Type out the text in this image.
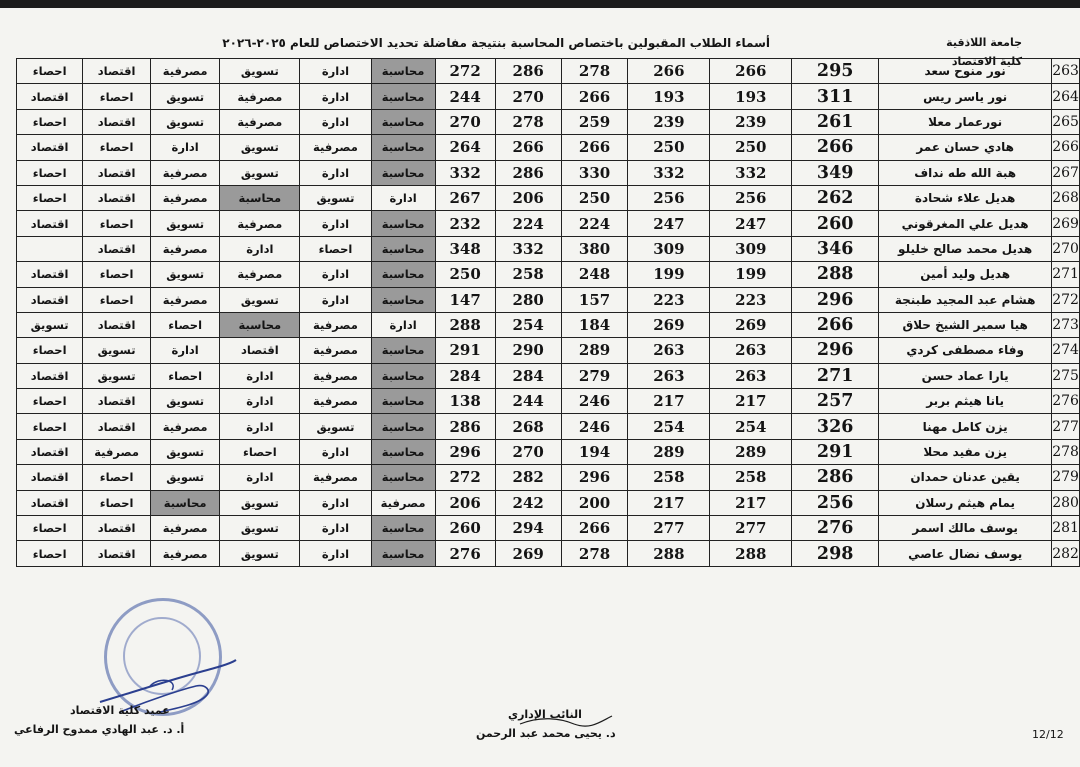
أسماء الطلاب المقبولين باختصاص المحاسبة بنتيجة مفاضلة تحديد الاختصاص للعام ٢٠٢٥-٢٠٢٦	جامعة اللاذقية
كلية الاقتصاد
احصاء	اقتصاد	مصرفية	تسويق	ادارة	محاسبة	272	286	278	266	266	295	نور منوح سعد	263
اقتصاد	احصاء	تسويق	مصرفية	ادارة	محاسبة	244	270	266	193	193	311	نور ياسر ريس	264
احصاء	اقتصاد	تسويق	مصرفية	ادارة	محاسبة	270	278	259	239	239	261	نورعمار معلا	265
اقتصاد	احصاء	ادارة	تسويق	مصرفية	محاسبة	264	266	266	250	250	266	هادي حسان عمر	266
احصاء	اقتصاد	مصرفية	تسويق	ادارة	محاسبة	332	286	330	332	332	349	هبة الله طه نداف	267
احصاء	اقتصاد	مصرفية	محاسبة	تسويق	ادارة	267	206	250	256	256	262	هديل علاء شحادة	268
اقتصاد	احصاء	تسويق	مصرفية	ادارة	محاسبة	232	224	224	247	247	260	هديل علي المغرقوني	269
	اقتصاد	مصرفية	ادارة	احصاء	محاسبة	348	332	380	309	309	346	هديل محمد صالح خليلو	270
اقتصاد	احصاء	تسويق	مصرفية	ادارة	محاسبة	250	258	248	199	199	288	هديل وليد أمين	271
اقتصاد	احصاء	مصرفية	تسويق	ادارة	محاسبة	147	280	157	223	223	296	هشام عبد المجيد طبنجة	272
تسويق	اقتصاد	احصاء	محاسبة	مصرفية	ادارة	288	254	184	269	269	266	هيا سمير الشيخ حلاق	273
احصاء	تسويق	ادارة	اقتصاد	مصرفية	محاسبة	291	290	289	263	263	296	وفاء مصطفى كردي	274
اقتصاد	تسويق	احصاء	ادارة	مصرفية	محاسبة	284	284	279	263	263	271	يارا عماد حسن	275
احصاء	اقتصاد	تسويق	ادارة	مصرفية	محاسبة	138	244	246	217	217	257	يانا هيثم بربر	276
احصاء	اقتصاد	مصرفية	ادارة	تسويق	محاسبة	286	268	246	254	254	326	يزن كامل مهنا	277
اقتصاد	مصرفية	تسويق	احصاء	ادارة	محاسبة	296	270	194	289	289	291	يزن مفيد محلا	278
اقتصاد	احصاء	تسويق	ادارة	مصرفية	محاسبة	272	282	296	258	258	286	يقين عدنان حمدان	279
اقتصاد	احصاء	محاسبة	تسويق	ادارة	مصرفية	206	242	200	217	217	256	يمام هيثم رسلان	280
احصاء	اقتصاد	مصرفية	تسويق	ادارة	محاسبة	260	294	266	277	277	276	يوسف مالك اسمر	281
احصاء	اقتصاد	مصرفية	تسويق	ادارة	محاسبة	276	269	278	288	288	298	يوسف نضال عاصي	282
عميد كلية الاقتصاد
أ. د. عبد الهادي ممدوح الرفاعي
النائب الإداري
د. يحيى محمد عبد الرحمن	12/12
